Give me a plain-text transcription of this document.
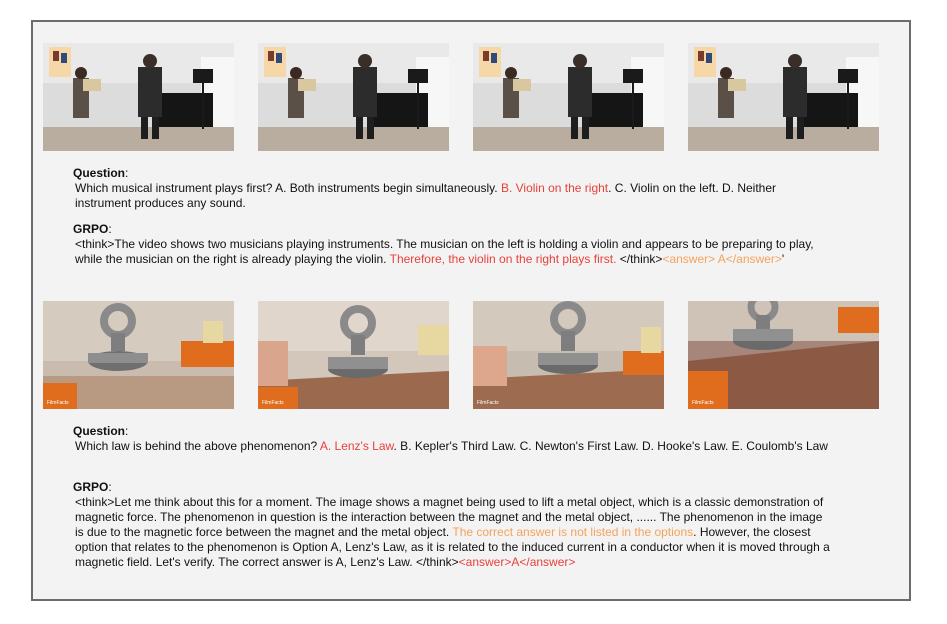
Question:

Which musical instrument plays first? A. Both instruments begin simultaneously. B. Violin on the right. C. Violin on the left. D. Neither instrument produces any sound.

GRPO:

<think>The video shows two musicians playing instruments. The musician on the left is holding a violin and appears to be preparing to play, while the musician on the right is already playing the violin. Therefore, the violin on the right plays first. </think><answer> A</answer>'

FilmFacts	FilmFacts	FilmFacts	FilmFacts

Question:

Which law is behind the above phenomenon? A. Lenz's Law. B. Kepler's Third Law. C. Newton's First Law. D. Hooke's Law. E. Coulomb's Law

GRPO:

<think>Let me think about this for a moment. The image shows a magnet being used to lift a metal object, which is a classic demonstration of magnetic force. The phenomenon in question is the interaction between the magnet and the metal object, ...... The phenomenon in the image is due to the magnetic force between the magnet and the metal object. The correct answer is not listed in the options. However, the closest option that relates to the phenomenon is Option A, Lenz's Law, as it is related to the induced current in a conductor when it is moved through a magnetic field. Let's verify. The correct answer is A, Lenz's Law. </think><answer>A</answer>
